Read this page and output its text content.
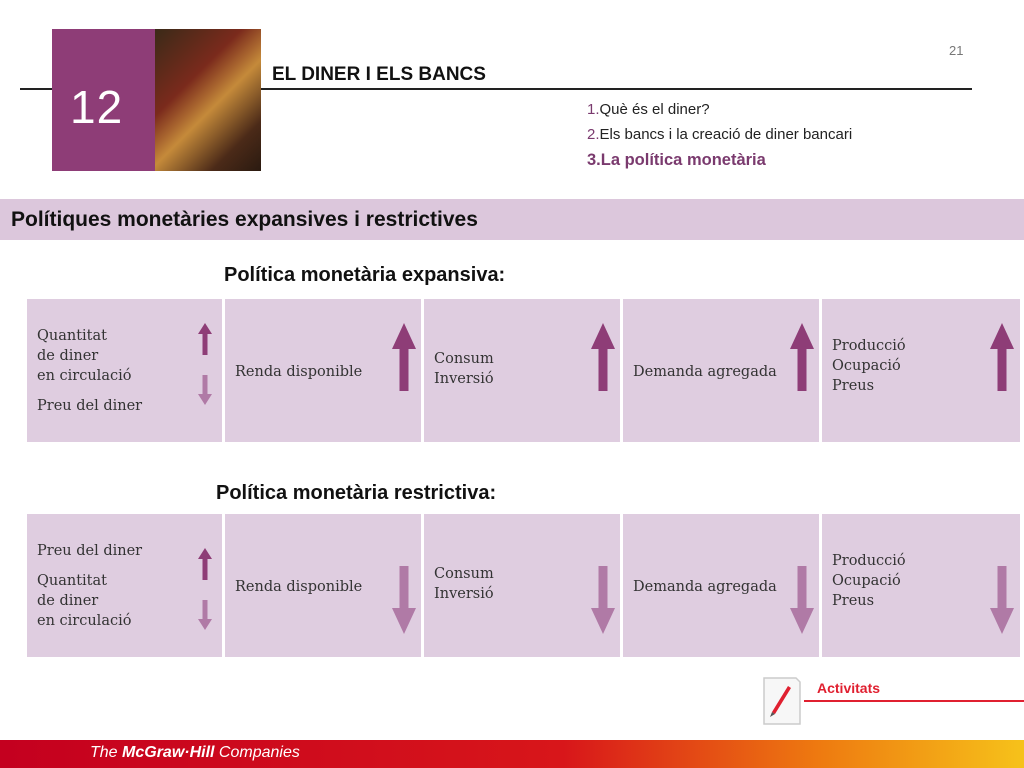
12
EL DINER I ELS BANCS
21
1.Què és el diner?
2.Els bancs i la creació de diner bancari
3.La política monetària
Polítiques monetàries expansives i restrictives
Política monetària expansiva:
Quantitat
de diner
en circulació
Preu del diner
Renda disponible
Consum
Inversió	Demanda agregada
Producció
Ocupació
Preus
Política monetària restrictiva:
Preu del diner
Quantitat
de diner
en circulació
Renda disponible
Consum
Inversió	Demanda agregada
Producció
Ocupació
Preus
Activitats
The McGraw·Hill Companies
